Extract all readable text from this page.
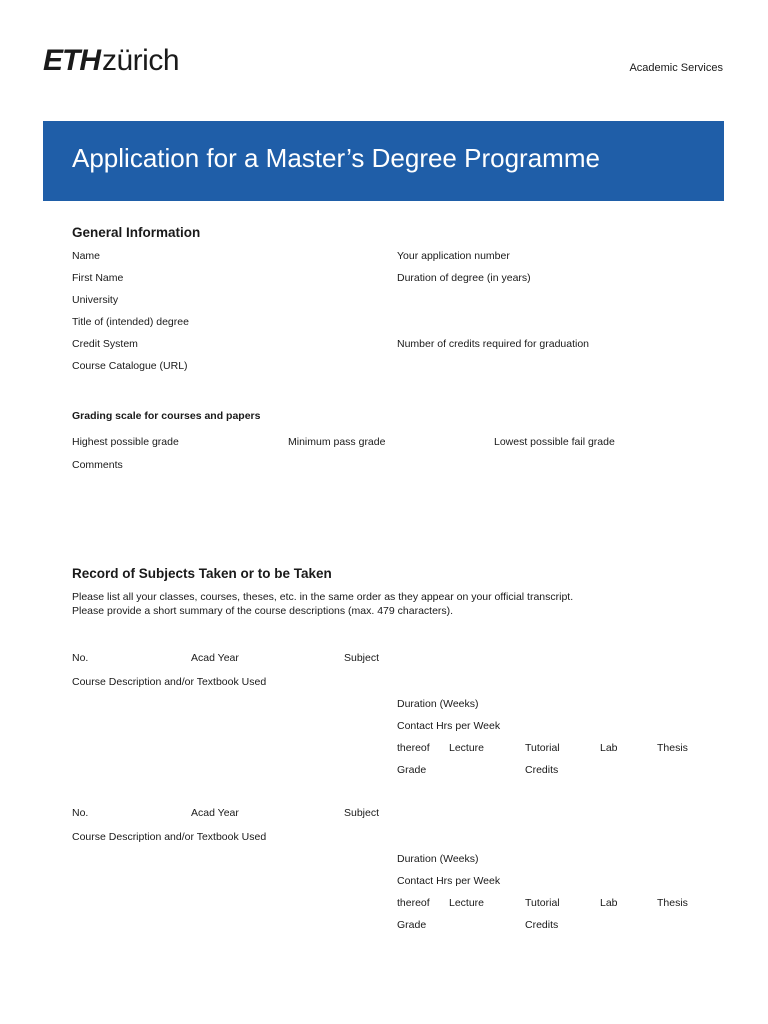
ETHzürich	Academic Services
Application for a Master’s Degree Programme
General Information
Name	Your application number
First Name	Duration of degree (in years)
University
Title of (intended) degree
Credit System	Number of credits required for graduation
Course Catalogue (URL)
Grading scale for courses and papers
Highest possible grade	Minimum pass grade	Lowest possible fail grade
Comments
Record of Subjects Taken or to be Taken
Please list all your classes, courses, theses, etc. in the same order as they appear on your official transcript.
Please provide a short summary of the course descriptions (max. 479 characters).
No.	Acad Year	Subject
Course Description and/or Textbook Used
Duration (Weeks)
Contact Hrs per Week
thereof Lecture	Tutorial	Lab	Thesis
Grade	Credits
No.	Acad Year	Subject
Course Description and/or Textbook Used
Duration (Weeks)
Contact Hrs per Week
thereof Lecture	Tutorial	Lab	Thesis
Grade	Credits
